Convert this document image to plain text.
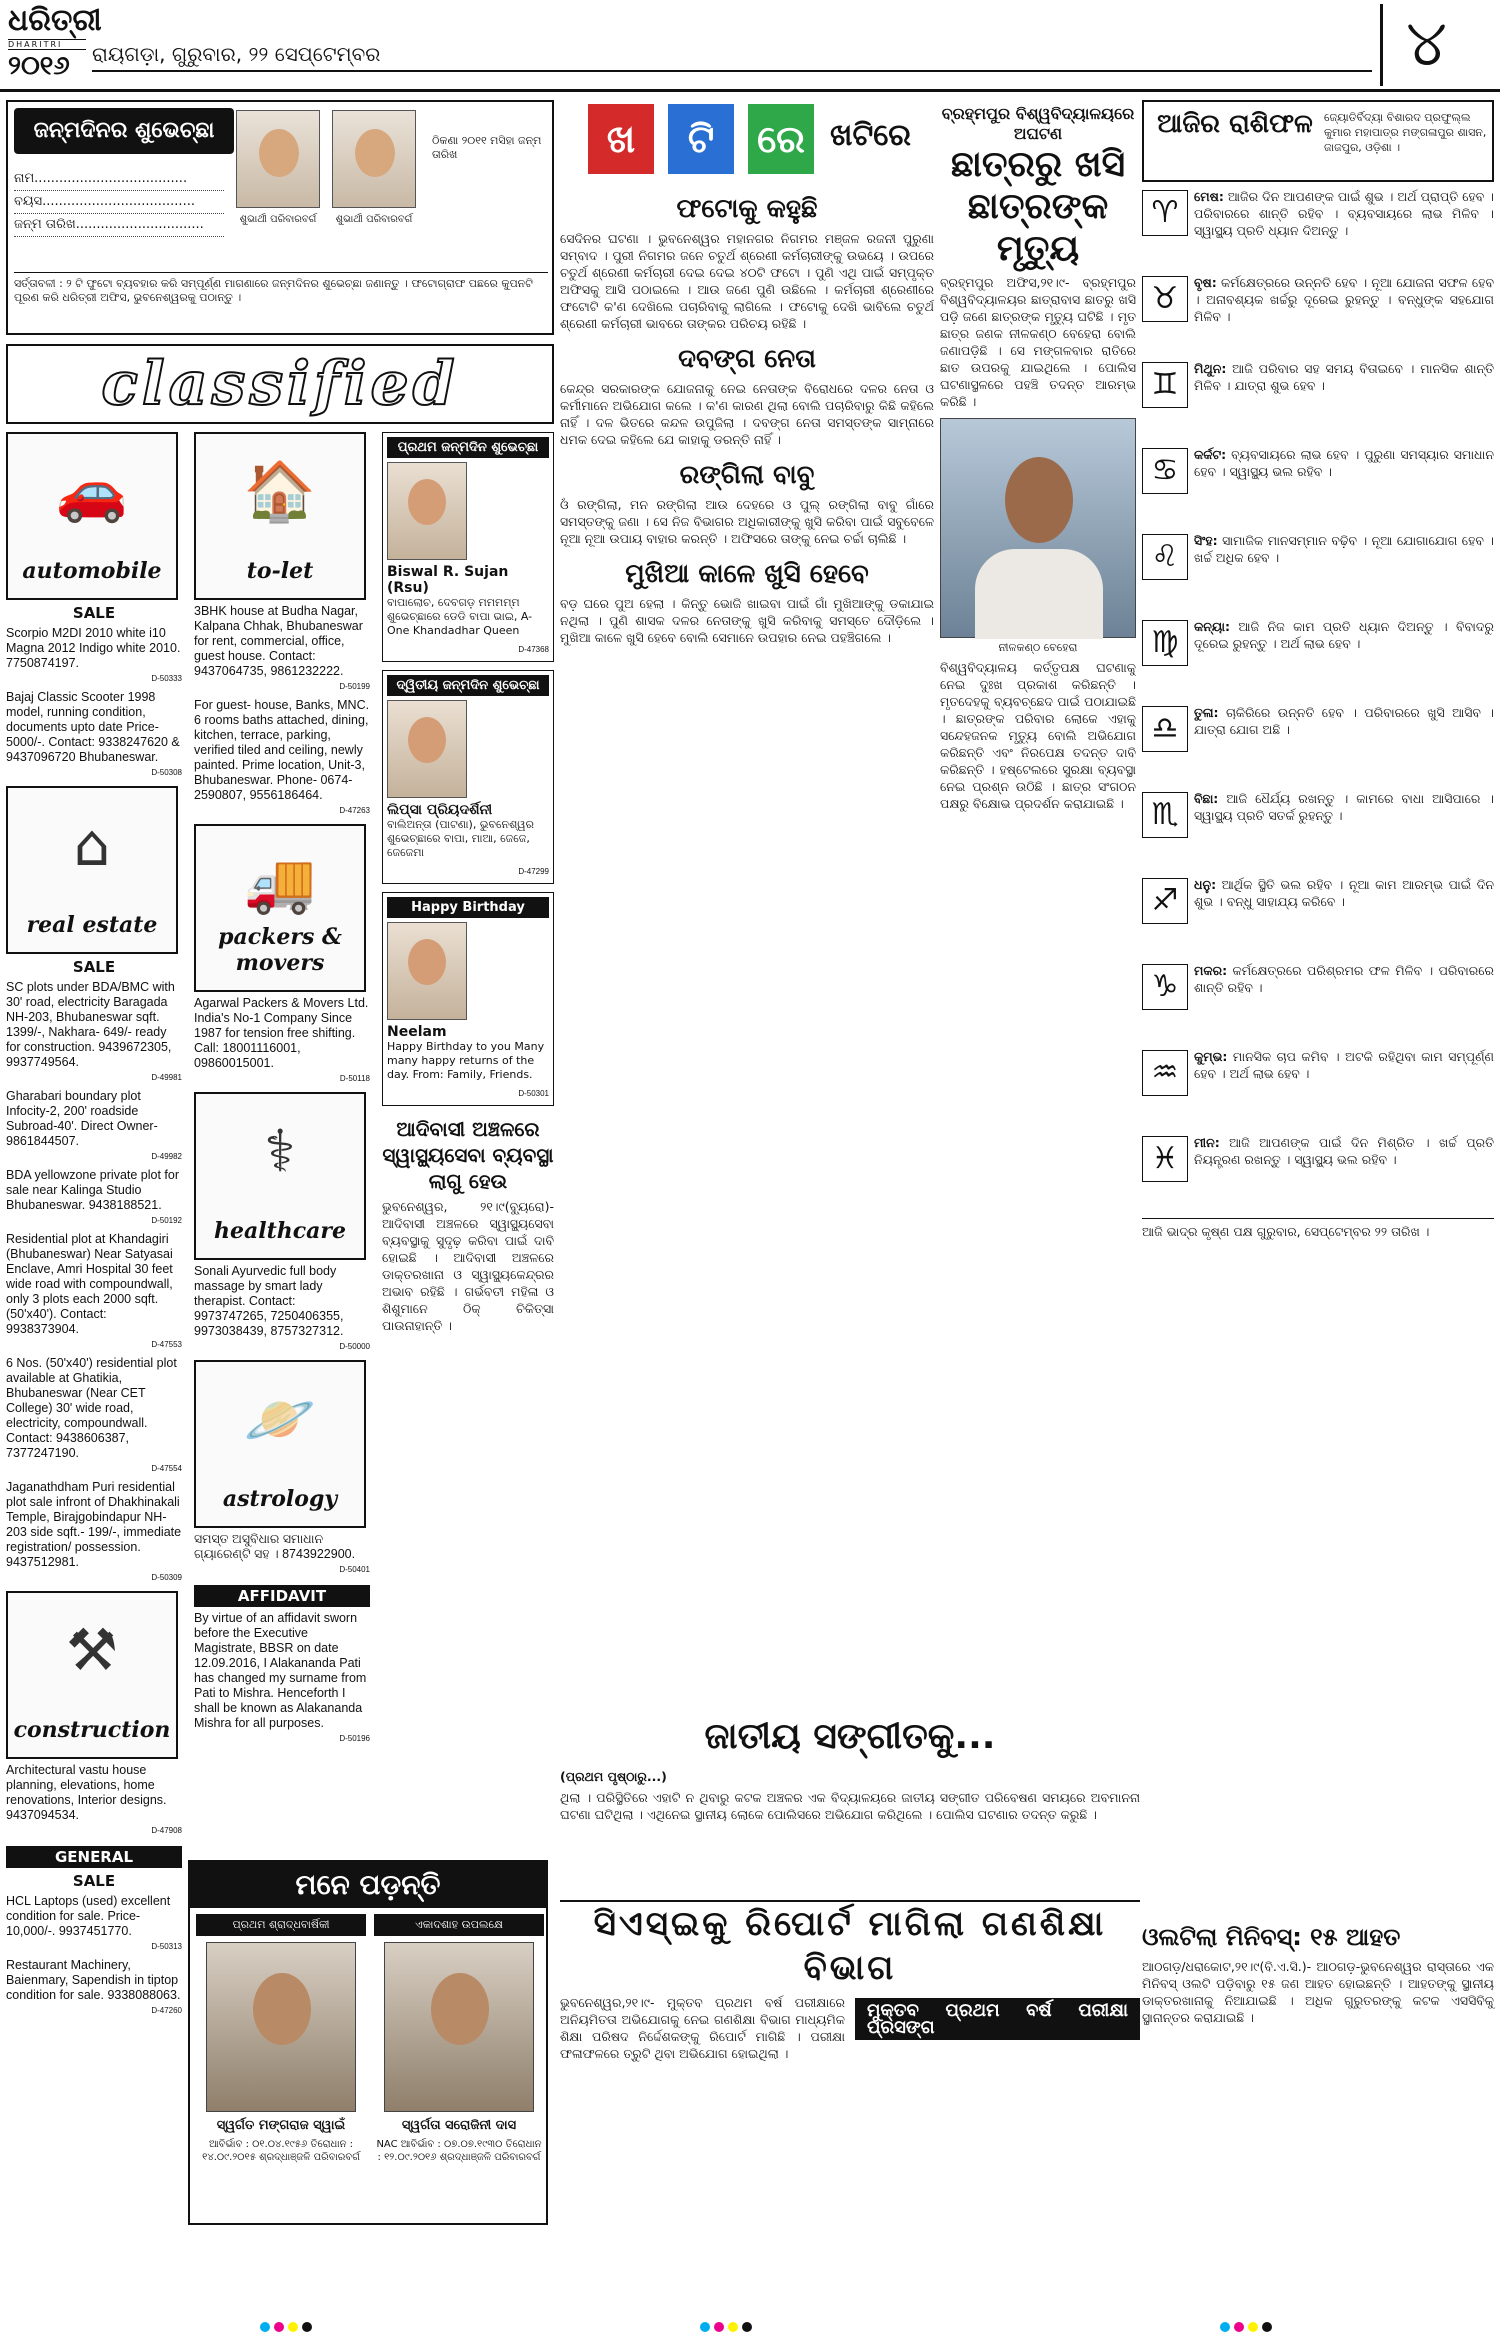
ଧରିତ୍ରୀ
DHARITRI
୨୦୧୬	ରାୟଗଡ଼ା, ଗୁରୁବାର, ୨୨ ସେପ୍ଟେମ୍ବର	୪
ଜନ୍ମଦିନର ଶୁଭେଚ୍ଛା
ନାମ.....................................
ବୟସ.....................................
ଜନ୍ମ ତାରିଖ...............................	ଶୁଭାର୍ଥୀ ପରିବାରବର୍ଗ	ଶୁଭାର୍ଥୀ ପରିବାରବର୍ଗ
ଠିକଣା ୨୦୧୧ ମସିହା ଜନ୍ମ ତାରିଖ
ସର୍ତ୍ତାବଳୀ : ୨ ଟି ଫୁଟୋ ବ୍ୟବହାର କରି ସମ୍ପୂର୍ଣ୍ଣ ମାଗଣାରେ ଜନ୍ମଦିନର ଶୁଭେଚ୍ଛା ଜଣାନ୍ତୁ । ଫଟୋଗ୍ରାଫ ପଛରେ କୁପନଟି ପୂରଣ କରି ଧରିତ୍ରୀ ଅଫିସ, ଭୁବନେଶ୍ୱରକୁ ପଠାନ୍ତୁ ।
classified
🚗
automobile
SALE
Scorpio M2DI 2010 white i10 Magna 2012 Indigo white 2010. 7750874197.
D-50333
Bajaj Classic Scooter 1998 model, running condition, documents upto date Price-5000/-. Contact: 9338247620 & 9437096720 Bhubaneswar.
D-50308
⌂
real estate
SALE
SC plots under BDA/BMC with 30' road, electricity Baragada NH-203, Bhubaneswar sqft. 1399/-, Nakhara- 649/- ready for construction. 9439672305, 9937749564.
D-49981
Gharabari boundary plot Infocity-2, 200' roadside Subroad-40'. Direct Owner-9861844507.
D-49982
BDA yellowzone private plot for sale near Kalinga Studio Bhubaneswar. 9438188521.
D-50192
Residential plot at Khandagiri (Bhubaneswar) Near Satyasai Enclave, Amri Hospital 30 feet wide road with compoundwall, only 3 plots each 2000 sqft. (50'x40'). Contact: 9938373904.
D-47553
6 Nos. (50'x40') residential plot available at Ghatikia, Bhubaneswar (Near CET College) 30' wide road, electricity, compoundwall. Contact: 9438606387, 7377247190.
D-47554
Jaganathdham Puri residential plot sale infront of Dhakhinakali Temple, Birajgobindapur NH-203 side sqft.- 199/-, immediate registration/ possession. 9437512981.
D-50309
⚒
construction
Architectural vastu house planning, elevations, home renovations, Interior designs. 9437094534.
D-47908
GENERAL
SALE
HCL Laptops (used) excellent condition for sale. Price-10,000/-. 9937451770.
D-50313
Restaurant Machinery, Baienmary, Sapendish in tiptop condition for sale. 9338088063.
D-47260
🏠
to-let
3BHK house at Budha Nagar, Kalpana Chhak, Bhubaneswar for rent, commercial, office, guest house. Contact: 9437064735, 9861232222.
D-50199
For guest- house, Banks, MNC. 6 rooms baths attached, dining, kitchen, terrace, parking, verified tiled and ceiling, newly painted. Prime location, Unit-3, Bhubaneswar. Phone- 0674- 2590807, 9556186464.
D-47263
🚚
packers & movers
Agarwal Packers & Movers Ltd. India's No-1 Company Since 1987 for tension free shifting. Call: 18001116001, 09860015001.
D-50118
⚕
healthcare
Sonali Ayurvedic full body massage by smart lady therapist. Contact: 9973747265, 7250406355, 9973038439, 8757327312.
D-50000
🪐
astrology
ସମସ୍ତ ଅସୁବିଧାର ସମାଧାନ ଗ୍ୟାରେଣ୍ଟି ସହ । 8743922900.
D-50401
AFFIDAVIT
By virtue of an affidavit sworn before the Executive Magistrate, BBSR on date 12.09.2016, I Alakananda Pati has changed my surname from Pati to Mishra. Henceforth I shall be known as Alakananda Mishra for all purposes.
D-50196
ପ୍ରଥମ ଜନ୍ମଦିନ ଶୁଭେଚ୍ଛା
Biswal R. Sujan (Rsu)
ବାପାଲୋଚ, ଦେବଗଡ଼ ମମମମ୍ମ ଶୁଭେଚ୍ଛାରେ ଡେଡି ବାପା ଭାଇ, A-One Khandadhar Queen
D-47368
ଦ୍ୱିତୀୟ ଜନ୍ମଦିନ ଶୁଭେଚ୍ଛା
ଲିପ୍ସା ପ୍ରିୟଦର୍ଶିନୀ
ବାଲିଅନ୍ତା (ପାଟଣା), ଭୁବନେଶ୍ୱର ଶୁଭେଚ୍ଛାରେ ବାପା, ମାଆ, ଜେଜେ, ଜେଜେମା
D-47299
Happy Birthday
Neelam
Happy Birthday to you Many many happy returns of the day. From: Family, Friends.
D-50301
ଆଦିବାସୀ ଅଞ୍ଚଳରେ ସ୍ୱାସ୍ଥ୍ୟସେବା ବ୍ୟବସ୍ଥା ଲାଗୁ ହେଉ
ଭୁବନେଶ୍ୱର, ୨୧।୯(ବ୍ୟୁରୋ)- ଆଦିବାସୀ ଅଞ୍ଚଳରେ ସ୍ୱାସ୍ଥ୍ୟସେବା ବ୍ୟବସ୍ଥାକୁ ସୁଦୃଢ଼ କରିବା ପାଇଁ ଦାବି ହୋଇଛି । ଆଦିବାସୀ ଅଞ୍ଚଳରେ ଡାକ୍ତରଖାନା ଓ ସ୍ୱାସ୍ଥ୍ୟକେନ୍ଦ୍ରର ଅଭାବ ରହିଛି । ଗର୍ଭବତୀ ମହିଳା ଓ ଶିଶୁମାନେ ଠିକ୍ ଚିକିତ୍ସା ପାଉନାହାନ୍ତି ।
ମନେ ପଡ଼ନ୍ତି
ପ୍ରଥମ ଶ୍ରାଦ୍ଧବାର୍ଷିକୀ	ଏକାଦଶାହ ଉପଲକ୍ଷେ
ସ୍ୱର୍ଗତ ମଙ୍ଗରାଜ ସ୍ୱାଇଁ	ସ୍ୱର୍ଗତା ସରୋଜିନୀ ଦାସ
ଆବିର୍ଭାବ : ୦୧.୦୪.୧୯୫୬ ତିରୋଧାନ : ୧୪.୦୯.୨୦୧୫ ଶ୍ରଦ୍ଧାଞ୍ଜଳି ପରିବାରବର୍ଗ
NAC ଆବିର୍ଭାବ : ୦୭.୦୭.୧୯୩୦ ତିରୋଧାନ : ୧୨.୦୯.୨୦୧୬ ଶ୍ରଦ୍ଧାଞ୍ଜଳି ପରିବାରବର୍ଗ
ଖ	ଟି	ରେ ଖଟିରେ
ଫଟୋକୁ କହୁଛି
ସେଦିନର ଘଟଣା । ଭୁବନେଶ୍ୱର ମହାନଗର ନିଗମର ମଞ୍ଜଳ ରଜନୀ ପୁରୁଣା ସମ୍ବାଦ । ପୁରୀ ନିଗମର ଜନେ ଚତୁର୍ଥ ଶ୍ରେଣୀ କର୍ମଚାରୀଙ୍କୁ ଉଭୟେ । ଉପରେ ଚତୁର୍ଥ ଶ୍ରେଣୀ କର୍ମଚାରୀ ଦେଇ ଦେଇ ୪୦ଟି ଫଟୋ । ପୁଣି ଏଥି ପାଇଁ ସମ୍ପୃକ୍ତ ଅଫିସକୁ ଆସି ପଠାଇଲେ । ଆଉ ଜଣେ ପୁଣି ଉଛିଲେ । କର୍ମଚାରୀ ଶ୍ରେଣୀରେ ଫଟୋଟି କ'ଣ ଦେଖିଲେ ପଚାରିବାକୁ ଲାଗିଲେ । ଫଟୋକୁ ଦେଖି ଭାବିଲେ ଚତୁର୍ଥ ଶ୍ରେଣୀ କର୍ମଚାରୀ ଭାବରେ ତାଙ୍କର ପରିଚୟ ରହିଛି ।
ଦବଙ୍ଗ ନେତା
କେନ୍ଦ୍ର ସରକାରଙ୍କ ଯୋଜନାକୁ ନେଇ ନେତାଙ୍କ ବିରୋଧରେ ଦଳର ନେତା ଓ କର୍ମୀମାନେ ଅଭିଯୋଗ କଲେ । କ'ଣ କାରଣ ଥିଲା ବୋଲି ପଚାରିବାରୁ କିଛି କହିଲେ ନାହିଁ । ଦଳ ଭିତରେ କନ୍ଦଳ ଉପୁଜିଲା । ଦବଙ୍ଗ ନେତା ସମସ୍ତଙ୍କ ସାମ୍ନାରେ ଧମକ ଦେଇ କହିଲେ ଯେ କାହାକୁ ଡରନ୍ତି ନାହିଁ ।
ରଙ୍ଗିଲା ବାବୁ
ଓଁ ରଙ୍ଗିଲା, ମନ ରଙ୍ଗିଲା ଆଉ ଦେହରେ ଓ ପୁଲ୍ ରଙ୍ଗିଲା ବାବୁ ଗାଁରେ ସମସ୍ତଙ୍କୁ ଜଣା । ସେ ନିଜ ବିଭାଗର ଅଧିକାରୀଙ୍କୁ ଖୁସି କରିବା ପାଇଁ ସବୁବେଳେ ନୂଆ ନୂଆ ଉପାୟ ବାହାର କରନ୍ତି । ଅଫିସରେ ତାଙ୍କୁ ନେଇ ଚର୍ଚ୍ଚା ଚାଲିଛି ।
ମୁଖିଆ କାଳେ ଖୁସି ହେବେ
ବଡ଼ ଘରେ ପୁଅ ହେଲା । କିନ୍ତୁ ଭୋଜି ଖାଇବା ପାଇଁ ଗାଁ ମୁଖିଆଙ୍କୁ ଡକାଯାଇ ନଥିଲା । ପୁଣି ଶାସକ ଦଳର ନେତାଙ୍କୁ ଖୁସି କରିବାକୁ ସମସ୍ତେ ଦୌଡ଼ିଲେ । ମୁଖିଆ କାଳେ ଖୁସି ହେବେ ବୋଲି ସେମାନେ ଉପହାର ନେଇ ପହଞ୍ଚିଗଲେ ।
ବ୍ରହ୍ମପୁର ବିଶ୍ୱବିଦ୍ୟାଳୟରେ ଅଘଟଣ
ଛାତ୍ରରୁ ଖସି ଛାତ୍ରଙ୍କ ମୃତ୍ୟୁ
ବ୍ରହ୍ମପୁର ଅଫିସ,୨୧।୯- ବ୍ରହ୍ମପୁର ବିଶ୍ୱବିଦ୍ୟାଳୟର ଛାତ୍ରାବାସ ଛାତରୁ ଖସି ପଡ଼ି ଜଣେ ଛାତ୍ରଙ୍କ ମୃତ୍ୟୁ ଘଟିଛି । ମୃତ ଛାତ୍ର ଜଣକ ନୀଳକଣ୍ଠ ବେହେରା ବୋଲି ଜଣାପଡ଼ିଛି । ସେ ମଙ୍ଗଳବାର ରାତିରେ ଛାତ ଉପରକୁ ଯାଇଥିଲେ । ପୋଲିସ ଘଟଣାସ୍ଥଳରେ ପହଞ୍ଚି ତଦନ୍ତ ଆରମ୍ଭ କରିଛି ।
ନୀଳକଣ୍ଠ ବେହେରା
ବିଶ୍ୱବିଦ୍ୟାଳୟ କର୍ତ୍ତୃପକ୍ଷ ଘଟଣାକୁ ନେଇ ଦୁଃଖ ପ୍ରକାଶ କରିଛନ୍ତି । ମୃତଦେହକୁ ବ୍ୟବଚ୍ଛେଦ ପାଇଁ ପଠାଯାଇଛି । ଛାତ୍ରଙ୍କ ପରିବାର ଲୋକେ ଏହାକୁ ସନ୍ଦେହଜନକ ମୃତ୍ୟୁ ବୋଲି ଅଭିଯୋଗ କରିଛନ୍ତି ଏବଂ ନିରପେକ୍ଷ ତଦନ୍ତ ଦାବି କରିଛନ୍ତି । ହଷ୍ଟେଲରେ ସୁରକ୍ଷା ବ୍ୟବସ୍ଥା ନେଇ ପ୍ରଶ୍ନ ଉଠିଛି । ଛାତ୍ର ସଂଗଠନ ପକ୍ଷରୁ ବିକ୍ଷୋଭ ପ୍ରଦର୍ଶନ କରାଯାଇଛି ।
ଆଜିର ରାଶିଫଳ	ଜ୍ୟୋତିର୍ବିଦ୍ୟା ବିଶାରଦ ପ୍ରଫୁଲ୍ଲ କୁମାର ମହାପାତ୍ର ମଙ୍ଗଳାପୁର ଶାସନ, ଜାଜପୁର, ଓଡ଼ିଶା ।
♈	ମେଷ: ଆଜିର ଦିନ ଆପଣଙ୍କ ପାଇଁ ଶୁଭ । ଅର୍ଥ ପ୍ରାପ୍ତି ହେବ । ପରିବାରରେ ଶାନ୍ତି ରହିବ । ବ୍ୟବସାୟରେ ଲାଭ ମିଳିବ । ସ୍ୱାସ୍ଥ୍ୟ ପ୍ରତି ଧ୍ୟାନ ଦିଅନ୍ତୁ ।
♉	ବୃଷ: କର୍ମକ୍ଷେତ୍ରରେ ଉନ୍ନତି ହେବ । ନୂଆ ଯୋଜନା ସଫଳ ହେବ । ଅନାବଶ୍ୟକ ଖର୍ଚ୍ଚରୁ ଦୂରେଇ ରୁହନ୍ତୁ । ବନ୍ଧୁଙ୍କ ସହଯୋଗ ମିଳିବ ।
♊	ମିଥୁନ: ଆଜି ପରିବାର ସହ ସମୟ ବିତାଇବେ । ମାନସିକ ଶାନ୍ତି ମିଳିବ । ଯାତ୍ରା ଶୁଭ ହେବ ।
♋	କର୍କଟ: ବ୍ୟବସାୟରେ ଲାଭ ହେବ । ପୁରୁଣା ସମସ୍ୟାର ସମାଧାନ ହେବ । ସ୍ୱାସ୍ଥ୍ୟ ଭଲ ରହିବ ।
♌	ସିଂହ: ସାମାଜିକ ମାନସମ୍ମାନ ବଢ଼ିବ । ନୂଆ ଯୋଗାଯୋଗ ହେବ । ଖର୍ଚ୍ଚ ଅଧିକ ହେବ ।
♍	କନ୍ୟା: ଆଜି ନିଜ କାମ ପ୍ରତି ଧ୍ୟାନ ଦିଅନ୍ତୁ । ବିବାଦରୁ ଦୂରେଇ ରୁହନ୍ତୁ । ଅର୍ଥ ଲାଭ ହେବ ।
♎	ତୁଳା: ଚାକିରିରେ ଉନ୍ନତି ହେବ । ପରିବାରରେ ଖୁସି ଆସିବ । ଯାତ୍ରା ଯୋଗ ଅଛି ।
♏	ବିଛା: ଆଜି ଧୈର୍ଯ୍ୟ ରଖନ୍ତୁ । କାମରେ ବାଧା ଆସିପାରେ । ସ୍ୱାସ୍ଥ୍ୟ ପ୍ରତି ସତର୍କ ରୁହନ୍ତୁ ।
♐	ଧନୁ: ଆର୍ଥିକ ସ୍ଥିତି ଭଲ ରହିବ । ନୂଆ କାମ ଆରମ୍ଭ ପାଇଁ ଦିନ ଶୁଭ । ବନ୍ଧୁ ସାହାଯ୍ୟ କରିବେ ।
♑	ମକର: କର୍ମକ୍ଷେତ୍ରରେ ପରିଶ୍ରମର ଫଳ ମିଳିବ । ପରିବାରରେ ଶାନ୍ତି ରହିବ ।
♒	କୁମ୍ଭ: ମାନସିକ ଚାପ କମିବ । ଅଟକି ରହିଥିବା କାମ ସମ୍ପୂର୍ଣ୍ଣ ହେବ । ଅର୍ଥ ଲାଭ ହେବ ।
♓	ମୀନ: ଆଜି ଆପଣଙ୍କ ପାଇଁ ଦିନ ମିଶ୍ରିତ । ଖର୍ଚ୍ଚ ପ୍ରତି ନିୟନ୍ତ୍ରଣ ରଖନ୍ତୁ । ସ୍ୱାସ୍ଥ୍ୟ ଭଲ ରହିବ ।
ଆଜି ଭାଦ୍ର କୃଷ୍ଣ ପକ୍ଷ ଗୁରୁବାର, ସେପ୍ଟେମ୍ବର ୨୨ ତାରିଖ ।
ଜାତୀୟ ସଙ୍ଗୀତକୁ...
(ପ୍ରଥମ ପୃଷ୍ଠାରୁ...)
ଥିଲା । ପରିସ୍ଥିତିରେ ଏହାଟି ନ ଥିବାରୁ କଟକ ଅଞ୍ଚଳର ଏକ ବିଦ୍ୟାଳୟରେ ଜାତୀୟ ସଙ୍ଗୀତ ପରିବେଷଣ ସମୟରେ ଅବମାନନା ଘଟଣା ଘଟିଥିଲା । ଏଥିନେଇ ସ୍ଥାନୀୟ ଲୋକେ ପୋଲିସରେ ଅଭିଯୋଗ କରିଥିଲେ । ପୋଲିସ ଘଟଣାର ତଦନ୍ତ କରୁଛି ।
ସିଏସ୍‌ଇକୁ ରିପୋର୍ଟ ମାଗିଲା ଗଣଶିକ୍ଷା ବିଭାଗ
ଭୁବନେଶ୍ୱର,୨୧।୯- ମୁକ୍ତବ ପ୍ରଥମ ବର୍ଷ ପରୀକ୍ଷାରେ ଅନିୟମିତତା ଅଭିଯୋଗକୁ ନେଇ ଗଣଶିକ୍ଷା ବିଭାଗ ମାଧ୍ୟମିକ ଶିକ୍ଷା ପରିଷଦ ନିର୍ଦ୍ଦେଶକଙ୍କୁ ରିପୋର୍ଟ ମାଗିଛି । ପରୀକ୍ଷା ଫଳାଫଳରେ ତ୍ରୁଟି ଥିବା ଅଭିଯୋଗ ହୋଇଥିଲା ।
ମୁକ୍ତବ ପ୍ରଥମ ବର୍ଷ ପରୀକ୍ଷା ପ୍ରସଙ୍ଗ
ଓଲଟିଲା ମିନିବସ୍‌: ୧୫ ଆହତ
ଆଠଗଡ଼/ଧରାକୋଟ,୨୧।୯(ବି.ଏ.ସି.)- ଆଠଗଡ଼-ଭୁବନେଶ୍ୱର ରାସ୍ତାରେ ଏକ ମିନିବସ୍‌ ଓଲଟି ପଡ଼ିବାରୁ ୧୫ ଜଣ ଆହତ ହୋଇଛନ୍ତି । ଆହତଙ୍କୁ ସ୍ଥାନୀୟ ଡାକ୍ତରଖାନାକୁ ନିଆଯାଇଛି । ଅଧିକ ଗୁରୁତରଙ୍କୁ କଟକ ଏସସିବିକୁ ସ୍ଥାନାନ୍ତର କରାଯାଇଛି ।
